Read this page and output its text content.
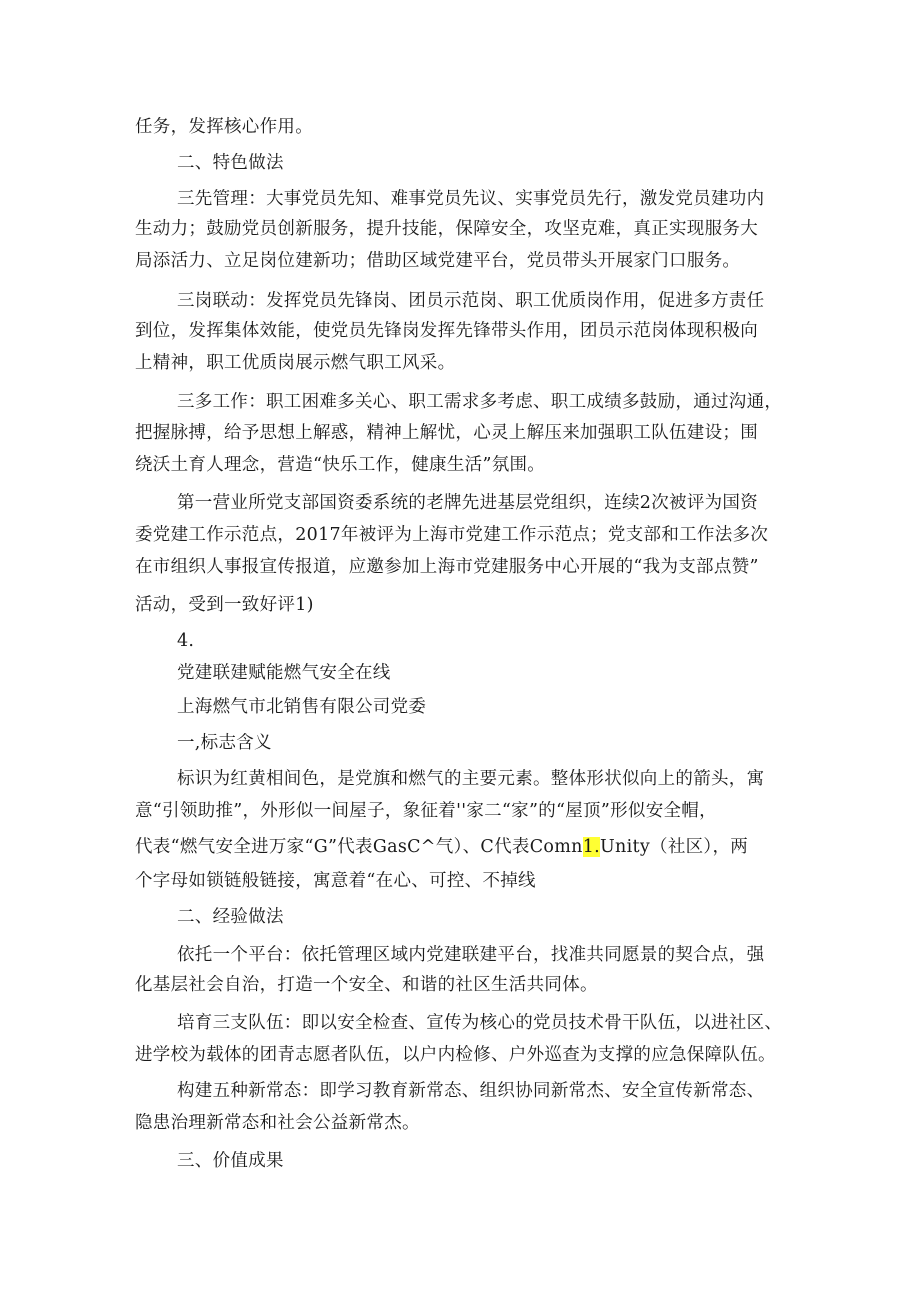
任务，发挥核心作用。
二、特色做法
三先管理：大事党员先知、难事党员先议、实事党员先行，激发党员建功内
生动力；鼓励党员创新服务，提升技能，保障安全，攻坚克难，真正实现服务大
局添活力、立足岗位建新功；借助区域党建平台，党员带头开展家门口服务。
三岗联动：发挥党员先锋岗、团员示范岗、职工优质岗作用，促进多方责任
到位，发挥集体效能，使党员先锋岗发挥先锋带头作用，团员示范岗体现积极向
上精神，职工优质岗展示燃气职工风采。
三多工作：职工困难多关心、职工需求多考虑、职工成绩多鼓励，通过沟通，
把握脉搏，给予思想上解惑，精神上解忧，心灵上解压来加强职工队伍建设；围
绕沃土育人理念，营造“快乐工作，健康生活”氛围。
第一营业所党支部国资委系统的老牌先进基层党组织，连续2次被评为国资
委党建工作示范点，2017年被评为上海市党建工作示范点；党支部和工作法多次
在市组织人事报宣传报道，应邀参加上海市党建服务中心开展的“我为支部点赞”
活动，受到一致好评1)
4.
党建联建赋能燃气安全在线
上海燃气市北销售有限公司党委
一,标志含义
标识为红黄相间色，是党旗和燃气的主要元素。整体形状似向上的箭头，寓
意“引领助推”，外形似一间屋子，象征着''家二“家”的“屋顶”形似安全帽，
代表“燃气安全进万家“G”代表GasC^气）、C代表Comn1.Unity（社区），两
个字母如锁链般链接，寓意着“在心、可控、不掉线
二、经验做法
依托一个平台：依托管理区域内党建联建平台，找准共同愿景的契合点，强
化基层社会自治，打造一个安全、和谐的社区生活共同体。
培育三支队伍：即以安全检查、宣传为核心的党员技术骨干队伍，以进社区、
进学校为载体的团青志愿者队伍，以户内检修、户外巡查为支撑的应急保障队伍。
构建五种新常态：即学习教育新常态、组织协同新常杰、安全宣传新常态、
隐患治理新常态和社会公益新常杰。
三、价值成果
